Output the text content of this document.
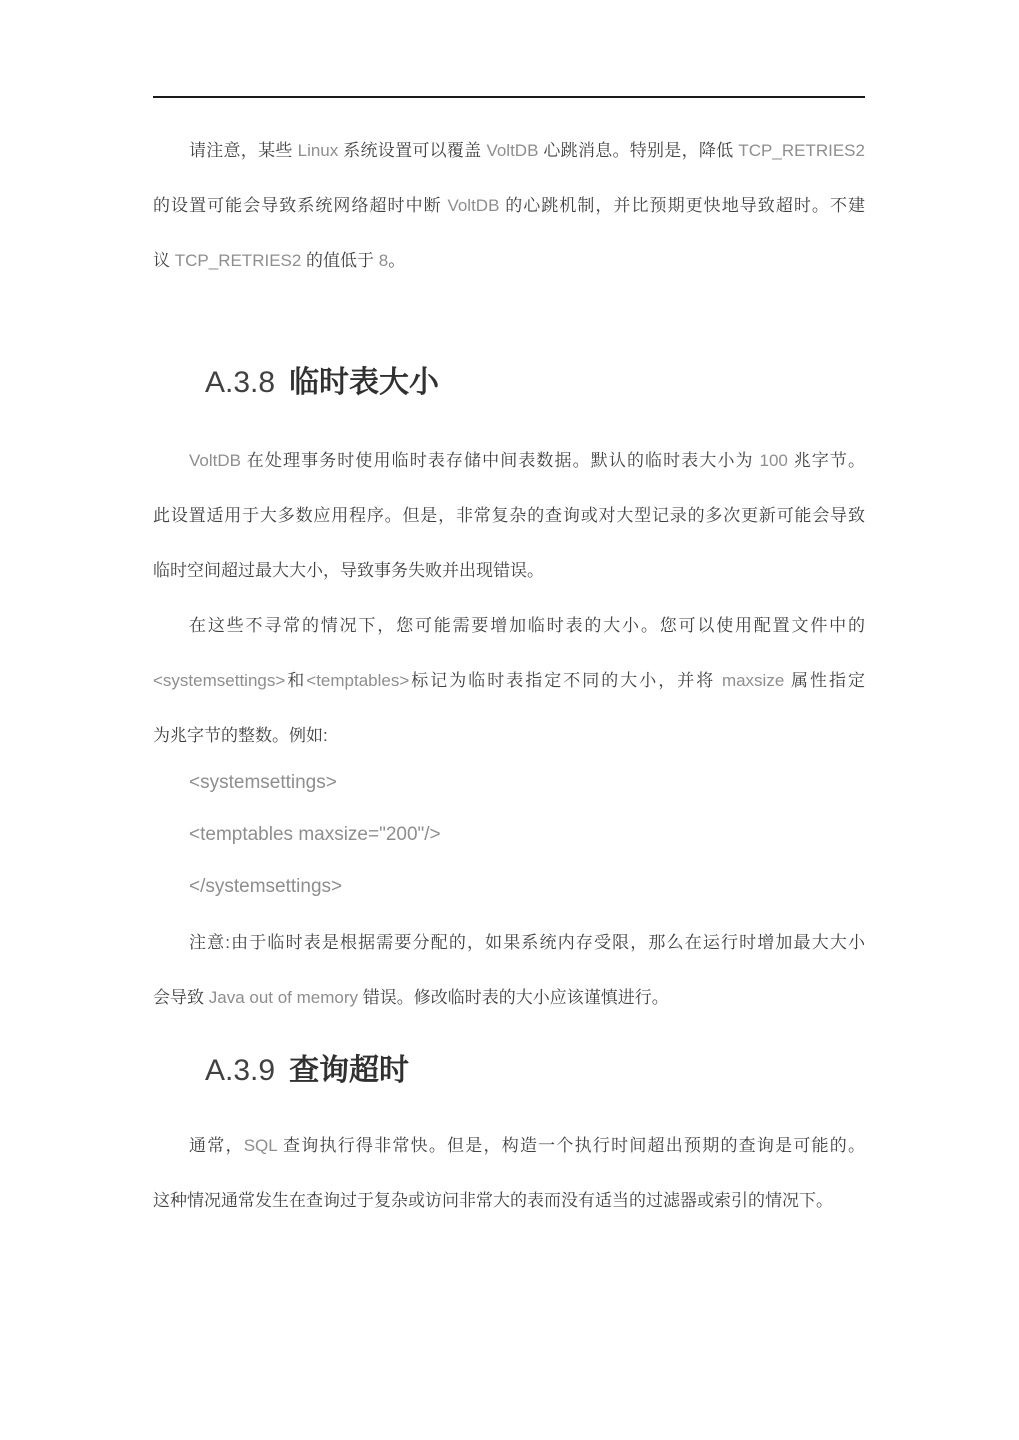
请注意，某些 Linux 系统设置可以覆盖 VoltDB 心跳消息。特别是，降低 TCP_RETRIES2
的设置可能会导致系统网络超时中断 VoltDB 的心跳机制，并比预期更快地导致超时。不建
议 TCP_RETRIES2 的值低于 8。
A.3.8 临时表大小
VoltDB 在处理事务时使用临时表存储中间表数据。默认的临时表大小为 100 兆字节。
此设置适用于大多数应用程序。但是，非常复杂的查询或对大型记录的多次更新可能会导致
临时空间超过最大大小，导致事务失败并出现错误。
在这些不寻常的情况下，您可能需要增加临时表的大小。您可以使用配置文件中的
<systemsettings>和<temptables>标记为临时表指定不同的大小，并将 maxsize 属性指定
为兆字节的整数。例如:
<systemsettings>
<temptables maxsize="200"/>
</systemsettings>
注意:由于临时表是根据需要分配的，如果系统内存受限，那么在运行时增加最大大小
会导致 Java out of memory 错误。修改临时表的大小应该谨慎进行。
A.3.9 查询超时
通常，SQL 查询执行得非常快。但是，构造一个执行时间超出预期的查询是可能的。
这种情况通常发生在查询过于复杂或访问非常大的表而没有适当的过滤器或索引的情况下。
